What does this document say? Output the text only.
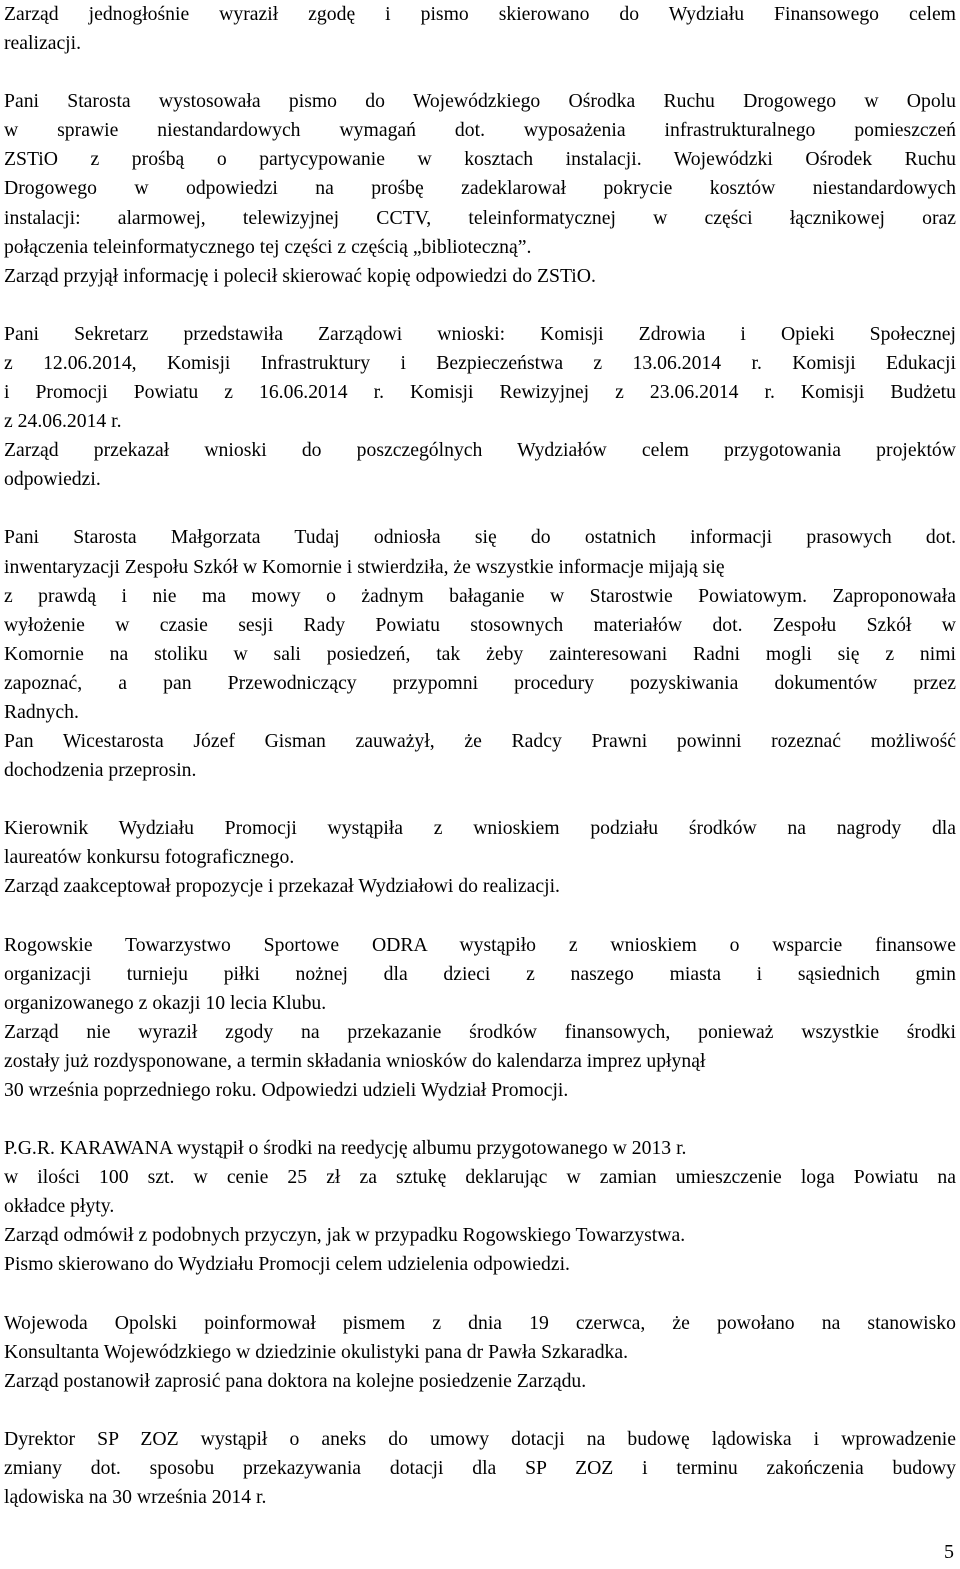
Zarząd jednogłośnie wyraził zgodę i pismo skierowano do Wydziału Finansowego celem
realizacji.
Pani Starosta wystosowała pismo do Wojewódzkiego Ośrodka Ruchu Drogowego w Opolu
w sprawie niestandardowych wymagań dot. wyposażenia infrastrukturalnego pomieszczeń
ZSTiO z prośbą o partycypowanie w kosztach instalacji. Wojewódzki Ośrodek Ruchu
Drogowego w odpowiedzi na prośbę zadeklarował pokrycie kosztów niestandardowych
instalacji: alarmowej, telewizyjnej CCTV, teleinformatycznej w części łącznikowej oraz
połączenia teleinformatycznego tej części z częścią „biblioteczną”.
Zarząd przyjął informację i polecił skierować kopię odpowiedzi do ZSTiO.
Pani Sekretarz przedstawiła Zarządowi wnioski: Komisji Zdrowia i Opieki Społecznej
z 12.06.2014, Komisji Infrastruktury i Bezpieczeństwa z 13.06.2014 r. Komisji Edukacji
i Promocji Powiatu z 16.06.2014 r. Komisji Rewizyjnej z 23.06.2014 r. Komisji Budżetu
z 24.06.2014 r.
Zarząd przekazał wnioski do poszczególnych Wydziałów celem przygotowania projektów
odpowiedzi.
Pani Starosta Małgorzata Tudaj odniosła się do ostatnich informacji prasowych dot.
inwentaryzacji Zespołu Szkół w Komornie i stwierdziła, że wszystkie informacje mijają się
z prawdą i nie ma mowy o żadnym bałaganie w Starostwie Powiatowym. Zaproponowała
wyłożenie w czasie sesji Rady Powiatu stosownych materiałów dot. Zespołu Szkół w
Komornie na stoliku w sali posiedzeń, tak żeby zainteresowani Radni mogli się z nimi
zapoznać, a pan Przewodniczący przypomni procedury pozyskiwania dokumentów przez
Radnych.
Pan Wicestarosta Józef Gisman zauważył, że Radcy Prawni powinni rozeznać możliwość
dochodzenia przeprosin.
Kierownik Wydziału Promocji wystąpiła z wnioskiem podziału środków na nagrody dla
laureatów konkursu fotograficznego.
Zarząd zaakceptował propozycje i przekazał Wydziałowi do realizacji.
Rogowskie Towarzystwo Sportowe ODRA wystąpiło z wnioskiem o wsparcie finansowe
organizacji turnieju piłki nożnej dla dzieci z naszego miasta i sąsiednich gmin
organizowanego z okazji 10 lecia Klubu.
Zarząd nie wyraził zgody na przekazanie środków finansowych, ponieważ wszystkie środki
zostały już rozdysponowane, a termin składania wniosków do kalendarza imprez upłynął
30 września poprzedniego roku. Odpowiedzi udzieli Wydział Promocji.
P.G.R. KARAWANA wystąpił o środki na reedycję albumu przygotowanego w 2013 r.
w ilości 100 szt. w cenie 25 zł za sztukę deklarując w zamian umieszczenie loga Powiatu na
okładce płyty.
Zarząd odmówił z podobnych przyczyn, jak w przypadku Rogowskiego Towarzystwa.
Pismo skierowano do Wydziału Promocji celem udzielenia odpowiedzi.
Wojewoda Opolski poinformował pismem z dnia 19 czerwca, że powołano na stanowisko
Konsultanta Wojewódzkiego w dziedzinie okulistyki pana dr Pawła Szkaradka.
Zarząd postanowił zaprosić pana doktora na kolejne posiedzenie Zarządu.
Dyrektor SP ZOZ wystąpił o aneks do umowy dotacji na budowę lądowiska i wprowadzenie
zmiany dot. sposobu przekazywania dotacji dla SP ZOZ i terminu zakończenia budowy
lądowiska na 30 września 2014 r.
5
